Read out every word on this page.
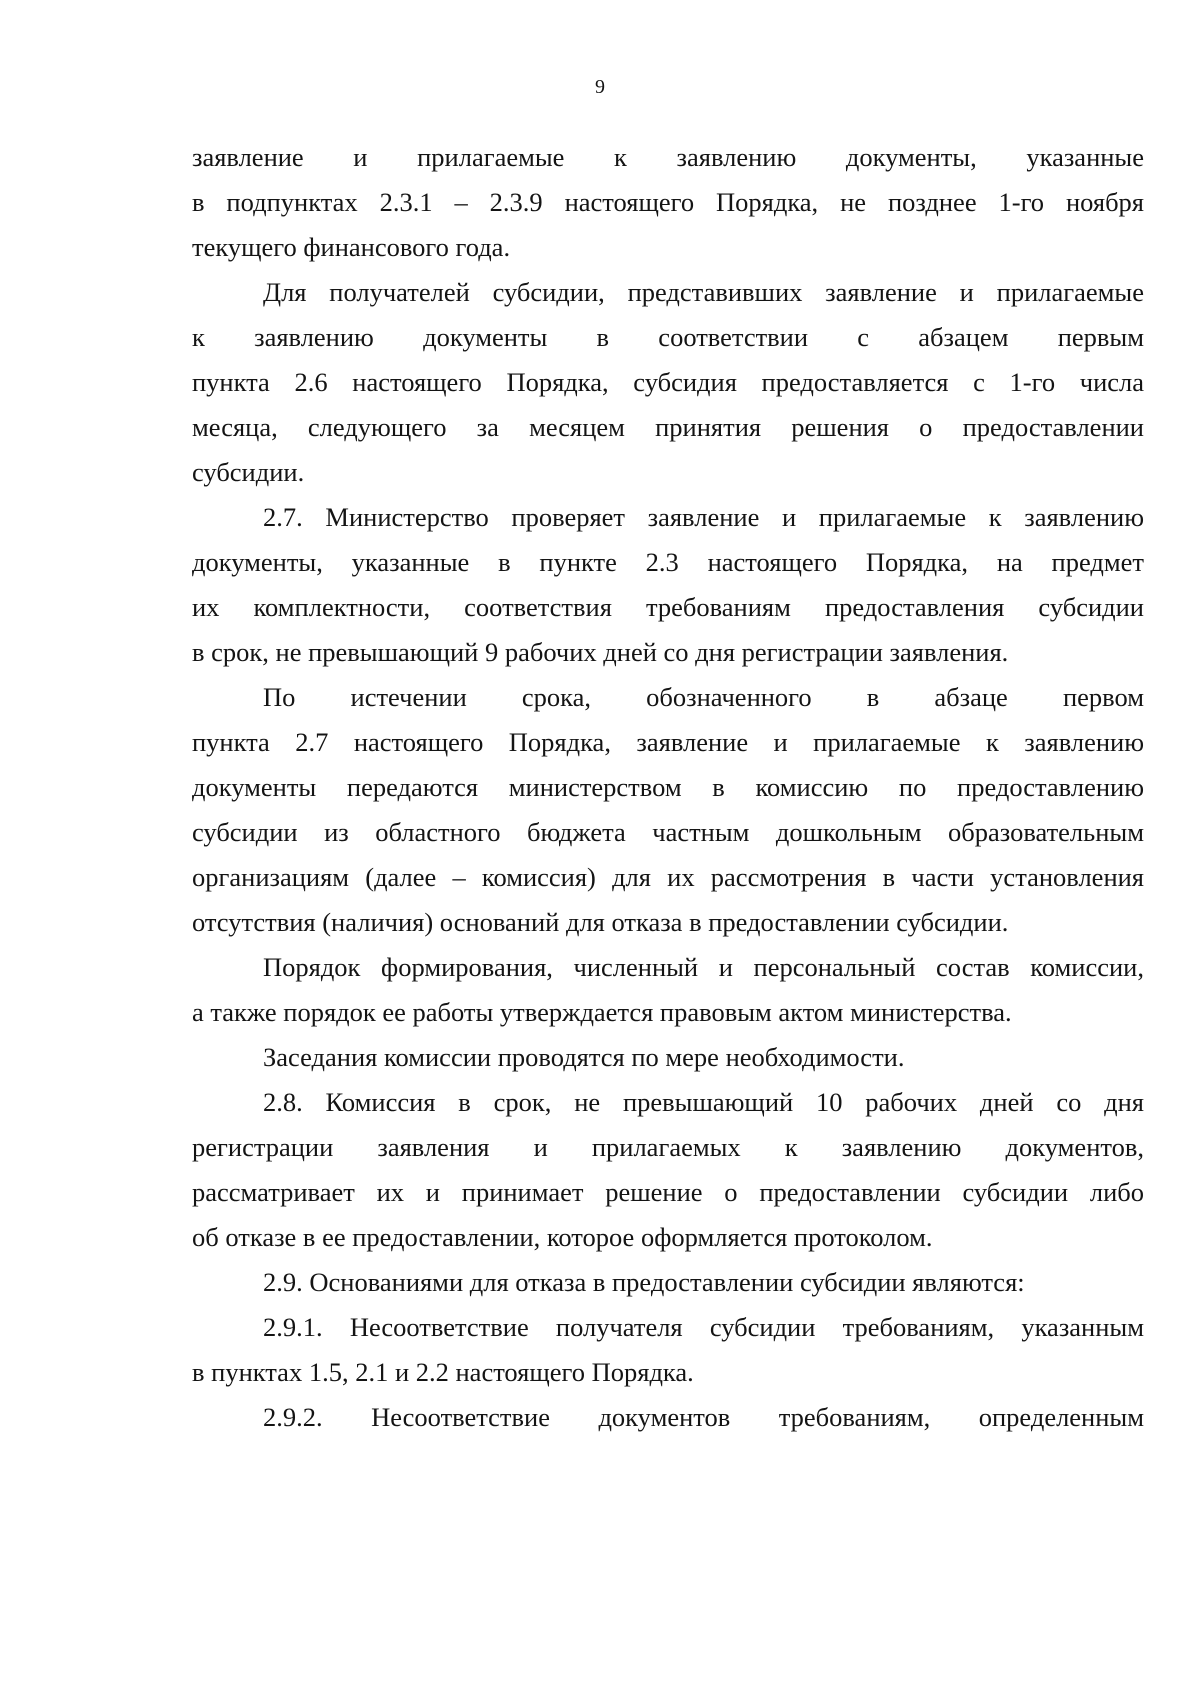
9
заявление и прилагаемые к заявлению документы, указанные
в подпунктах 2.3.1 – 2.3.9 настоящего Порядка, не позднее 1-го ноября
текущего финансового года.
Для получателей субсидии, представивших заявление и прилагаемые
к заявлению документы в соответствии с абзацем первым
пункта 2.6 настоящего Порядка, субсидия предоставляется с 1-го числа
месяца, следующего за месяцем принятия решения о предоставлении
субсидии.
2.7. Министерство проверяет заявление и прилагаемые к заявлению
документы, указанные в пункте 2.3 настоящего Порядка, на предмет
их комплектности, соответствия требованиям предоставления субсидии
в срок, не превышающий 9 рабочих дней со дня регистрации заявления.
По истечении срока, обозначенного в абзаце первом
пункта 2.7 настоящего Порядка, заявление и прилагаемые к заявлению
документы передаются министерством в комиссию по предоставлению
субсидии из областного бюджета частным дошкольным образовательным
организациям (далее – комиссия) для их рассмотрения в части установления
отсутствия (наличия) оснований для отказа в предоставлении субсидии.
Порядок формирования, численный и персональный состав комиссии,
а также порядок ее работы утверждается правовым актом министерства.
Заседания комиссии проводятся по мере необходимости.
2.8. Комиссия в срок, не превышающий 10 рабочих дней со дня
регистрации заявления и прилагаемых к заявлению документов,
рассматривает их и принимает решение о предоставлении субсидии либо
об отказе в ее предоставлении, которое оформляется протоколом.
2.9. Основаниями для отказа в предоставлении субсидии являются:
2.9.1. Несоответствие получателя субсидии требованиям, указанным
в пунктах 1.5, 2.1 и 2.2 настоящего Порядка.
2.9.2. Несоответствие документов требованиям, определенным
